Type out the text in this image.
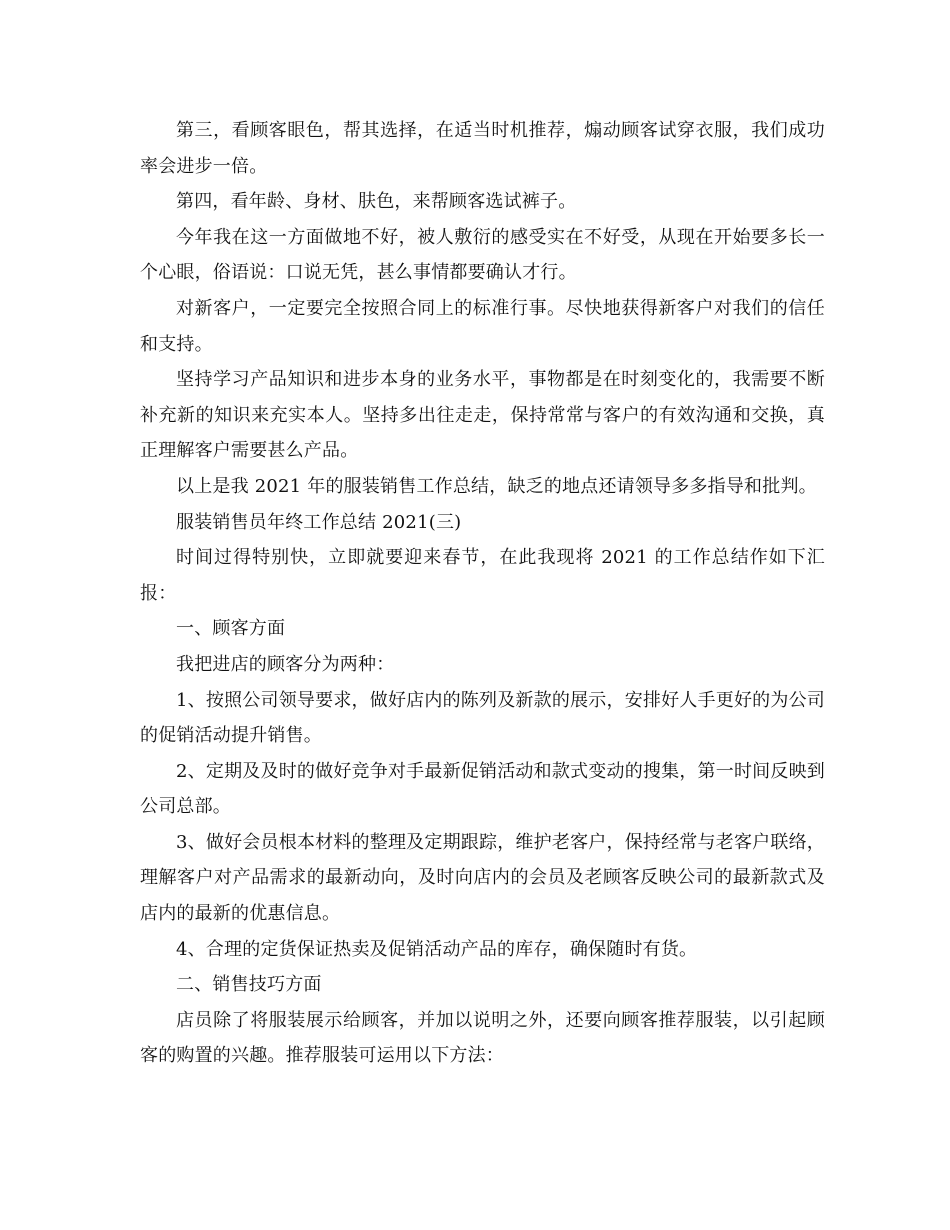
第三，看顾客眼色，帮其选择，在适当时机推荐，煽动顾客试穿衣服，我们成功率会进步一倍。

第四，看年龄、身材、肤色，来帮顾客选试裤子。

今年我在这一方面做地不好，被人敷衍的感受实在不好受，从现在开始要多长一个心眼，俗语说：口说无凭，甚么事情都要确认才行。

对新客户，一定要完全按照合同上的标准行事。尽快地获得新客户对我们的信任和支持。

坚持学习产品知识和进步本身的业务水平，事物都是在时刻变化的，我需要不断补充新的知识来充实本人。坚持多出往走走，保持常常与客户的有效沟通和交换，真正理解客户需要甚么产品。

以上是我 2021 年的服装销售工作总结，缺乏的地点还请领导多多指导和批判。

服装销售员年终工作总结 2021(三)

时间过得特别快，立即就要迎来春节，在此我现将 2021 的工作总结作如下汇报：

一、顾客方面

我把进店的顾客分为两种：

1、按照公司领导要求，做好店内的陈列及新款的展示，安排好人手更好的为公司的促销活动提升销售。

2、定期及及时的做好竞争对手最新促销活动和款式变动的搜集，第一时间反映到公司总部。

3、做好会员根本材料的整理及定期跟踪，维护老客户，保持经常与老客户联络，理解客户对产品需求的最新动向，及时向店内的会员及老顾客反映公司的最新款式及店内的最新的优惠信息。

4、合理的定货保证热卖及促销活动产品的库存，确保随时有货。

二、销售技巧方面

店员除了将服装展示给顾客，并加以说明之外，还要向顾客推荐服装，以引起顾客的购置的兴趣。推荐服装可运用以下方法：
